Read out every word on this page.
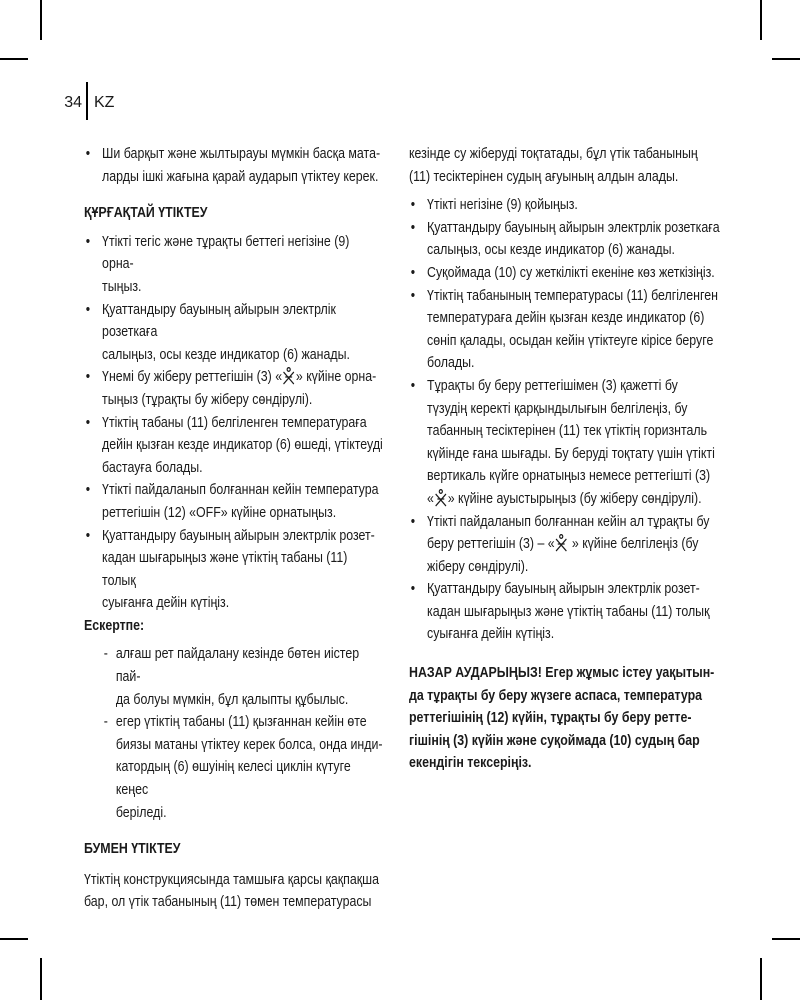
34 KZ
• Ши барқыт және жылтырауы мүмкін басқа мата-
ларды ішкі жағына қарай аударып үтіктеу керек.

ҚҰРҒАҚТАЙ ҮТІКТЕУ

• Үтікті тегіс және тұрақты беттегі негізіне (9) орна-
тыңыз.
• Қуаттандыру бауының айырын электрлік розеткаға
салыңыз, осы кезде индикатор (6) жанады.
• Үнемі бу жіберу реттегішін (3) « » күйіне орна-
тыңыз (тұрақты бу жіберу сөндірулі).
• Үтіктің табаны (11) белгіленген температураға
дейін қызған кезде индикатор (6) өшеді, үтіктеуді
бастауға болады.
• Үтікті пайдаланып болғаннан кейін температура
реттегішін (12) «OFF» күйіне орнатыңыз.
• Қуаттандыру бауының айырын электрлік розет-
кадан шығарыңыз және үтіктің табаны (11) толық
суығанға дейін күтіңіз.

Ескертпе:

- алғаш рет пайдалану кезінде бөтен иістер пай-
да болуы мүмкін, бұл қалыпты құбылыс.
- егер үтіктің табаны (11) қызғаннан кейін өте
биязы матаны үтіктеу керек болса, онда инди-
катордың (6) өшуінің келесі циклін күтуге кеңес
беріледі.

БУМЕН ҮТІКТЕУ

Үтіктің конструкциясында тамшыға қарсы қақпақша
бар, ол үтік табанының (11) төмен температурасы

кезінде су жіберуді тоқтатады, бұл үтік табанының
(11) тесіктерінен судың ағуының алдын алады.

• Үтікті негізіне (9) қойыңыз.
• Қуаттандыру бауының айырын электрлік розеткаға
салыңыз, осы кезде индикатор (6) жанады.
• Суқоймада (10) су жеткілікті екеніне көз жеткізіңіз.
• Үтіктің табанының температурасы (11) белгіленген
температураға дейін қызған кезде индикатор (6)
сөніп қалады, осыдан кейін үтіктеуге кірісе беруге
болады.
• Тұрақты бу беру реттегішімен (3) қажетті бу
түзудің керекті қарқындылығын белгілеңіз, бу
табанның тесіктерінен (11) тек үтіктің горизнталь
күйінде ғана шығады. Бу беруді тоқтату үшін үтікті
вертикаль күйге орнатыңыз немесе реттегішті (3)
« » күйіне ауыстырыңыз (бу жіберу сөндірулі).
• Үтікті пайдаланып болғаннан кейін ал тұрақты бу
беру реттегішін (3) – « » күйіне белгілеңіз (бу
жіберу сөндірулі).
• Қуаттандыру бауының айырын электрлік розет-
кадан шығарыңыз және үтіктің табаны (11) толық
суығанға дейін күтіңіз.

НАЗАР АУДАРЫҢЫЗ! Егер жұмыс істеу уақытын-
да тұрақты бу беру жүзеге аспаса, температура
реттегішінің (12) күйін, тұрақты бу беру ретте-
гішінің (3) күйін және суқоймада (10) судың бар
екендігін тексеріңіз.
